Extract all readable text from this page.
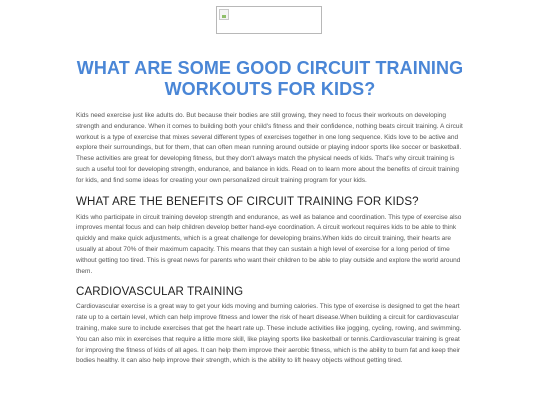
WHAT ARE SOME GOOD CIRCUIT TRAINING WORKOUTS FOR KIDS?

Kids need exercise just like adults do. But because their bodies are still growing, they need to focus their workouts on developing strength and endurance. When it comes to building both your child's fitness and their confidence, nothing beats circuit training. A circuit workout is a type of exercise that mixes several different types of exercises together in one long sequence. Kids love to be active and explore their surroundings, but for them, that can often mean running around outside or playing indoor sports like soccer or basketball. These activities are great for developing fitness, but they don't always match the physical needs of kids. That's why circuit training is such a useful tool for developing strength, endurance, and balance in kids. Read on to learn more about the benefits of circuit training for kids, and find some ideas for creating your own personalized circuit training program for your kids.

WHAT ARE THE BENEFITS OF CIRCUIT TRAINING FOR KIDS?

Kids who participate in circuit training develop strength and endurance, as well as balance and coordination. This type of exercise also improves mental focus and can help children develop better hand-eye coordination. A circuit workout requires kids to be able to think quickly and make quick adjustments, which is a great challenge for developing brains.When kids do circuit training, their hearts are usually at about 70% of their maximum capacity. This means that they can sustain a high level of exercise for a long period of time without getting too tired. This is great news for parents who want their children to be able to play outside and explore the world around them.

CARDIOVASCULAR TRAINING

Cardiovascular exercise is a great way to get your kids moving and burning calories. This type of exercise is designed to get the heart rate up to a certain level, which can help improve fitness and lower the risk of heart disease.When building a circuit for cardiovascular training, make sure to include exercises that get the heart rate up. These include activities like jogging, cycling, rowing, and swimming. You can also mix in exercises that require a little more skill, like playing sports like basketball or tennis.Cardiovascular training is great for improving the fitness of kids of all ages. It can help them improve their aerobic fitness, which is the ability to burn fat and keep their bodies healthy. It can also help improve their strength, which is the ability to lift heavy objects without getting tired.
